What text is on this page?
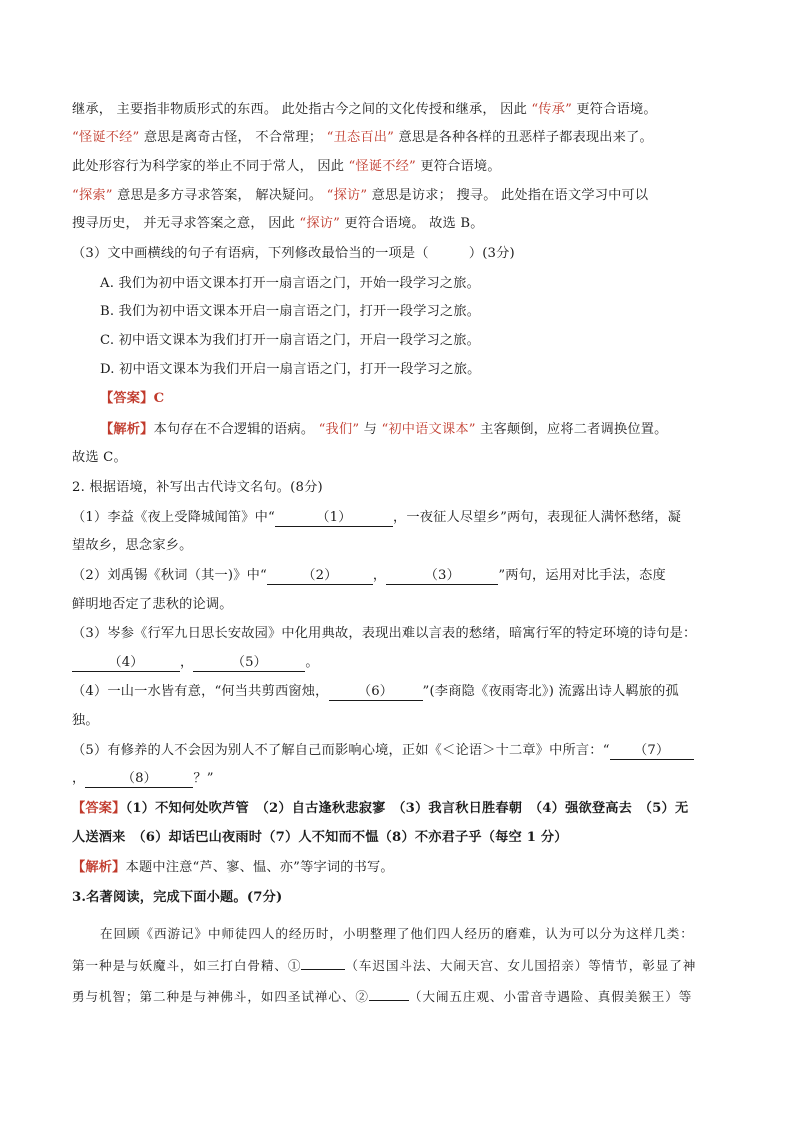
继承， 主要指非物质形式的东西。 此处指古今之间的文化传授和继承， 因此 “传承” 更符合语境。
“怪诞不经” 意思是离奇古怪， 不合常理； “丑态百出” 意思是各种各样的丑恶样子都表现出来了。
此处形容行为科学家的举止不同于常人， 因此 “怪诞不经” 更符合语境。
“探索” 意思是多方寻求答案， 解决疑问。 “探访” 意思是访求； 搜寻。 此处指在语文学习中可以
搜寻历史， 并无寻求答案之意， 因此 “探访” 更符合语境。 故选 B。
（3）文中画横线的句子有语病，下列修改最恰当的一项是（　　　）(3分)
A. 我们为初中语文课本打开一扇言语之门，开始一段学习之旅。
B. 我们为初中语文课本开启一扇言语之门，打开一段学习之旅。
C. 初中语文课本为我们打开一扇言语之门，开启一段学习之旅。
D. 初中语文课本为我们开启一扇言语之门，打开一段学习之旅。
【答案】C
【解析】本句存在不合逻辑的语病。 “我们” 与 “初中语文课本” 主客颠倒，应将二者调换位置。
故选 C。
2. 根据语境，补写出古代诗文名句。(8分)
（1）李益《夜上受降城闻笛》中“	（1）	，一夜征人尽望乡”两句，表现征人满怀愁绪，凝
望故乡，思念家乡。
（2）刘禹锡《秋词（其一)》中“	（2）	，	（3）	”两句，运用对比手法，态度
鲜明地否定了悲秋的论调。
（3）岑参《行军九日思长安故园》中化用典故，表现出难以言表的愁绪，暗寓行军的特定环境的诗句是：
（4）	，	（5）	。
（4）一山一水皆有意，“何当共剪西窗烛， （6） ”(李商隐《夜雨寄北》) 流露出诗人羁旅的孤
独。
（5）有修养的人不会因为别人不了解自己而影响心境，正如《＜论语＞十二章》中所言：“ （7）
，	（8）	？”
【答案】（1）不知何处吹芦管　（2）自古逢秋悲寂寥　（3）我言秋日胜春朝　（4）强欲登高去　（5）无
人送酒来　（6）却话巴山夜雨时（7）人不知而不愠（8）不亦君子乎（每空 1 分）
【解析】本题中注意“芦、寥、愠、亦”等字词的书写。
3.名著阅读，完成下面小题。(7分)
在回顾《西游记》中师徒四人的经历时，小明整理了他们四人经历的磨难，认为可以分为这样几类：
第一种是与妖魔斗，如三打白骨精、①	（车迟国斗法、大闹天宫、女儿国招亲）等情节，彰显了神
勇与机智；第二种是与神佛斗，如四圣试禅心、②	（大闹五庄观、小雷音寺遇险、真假美猴王）等
